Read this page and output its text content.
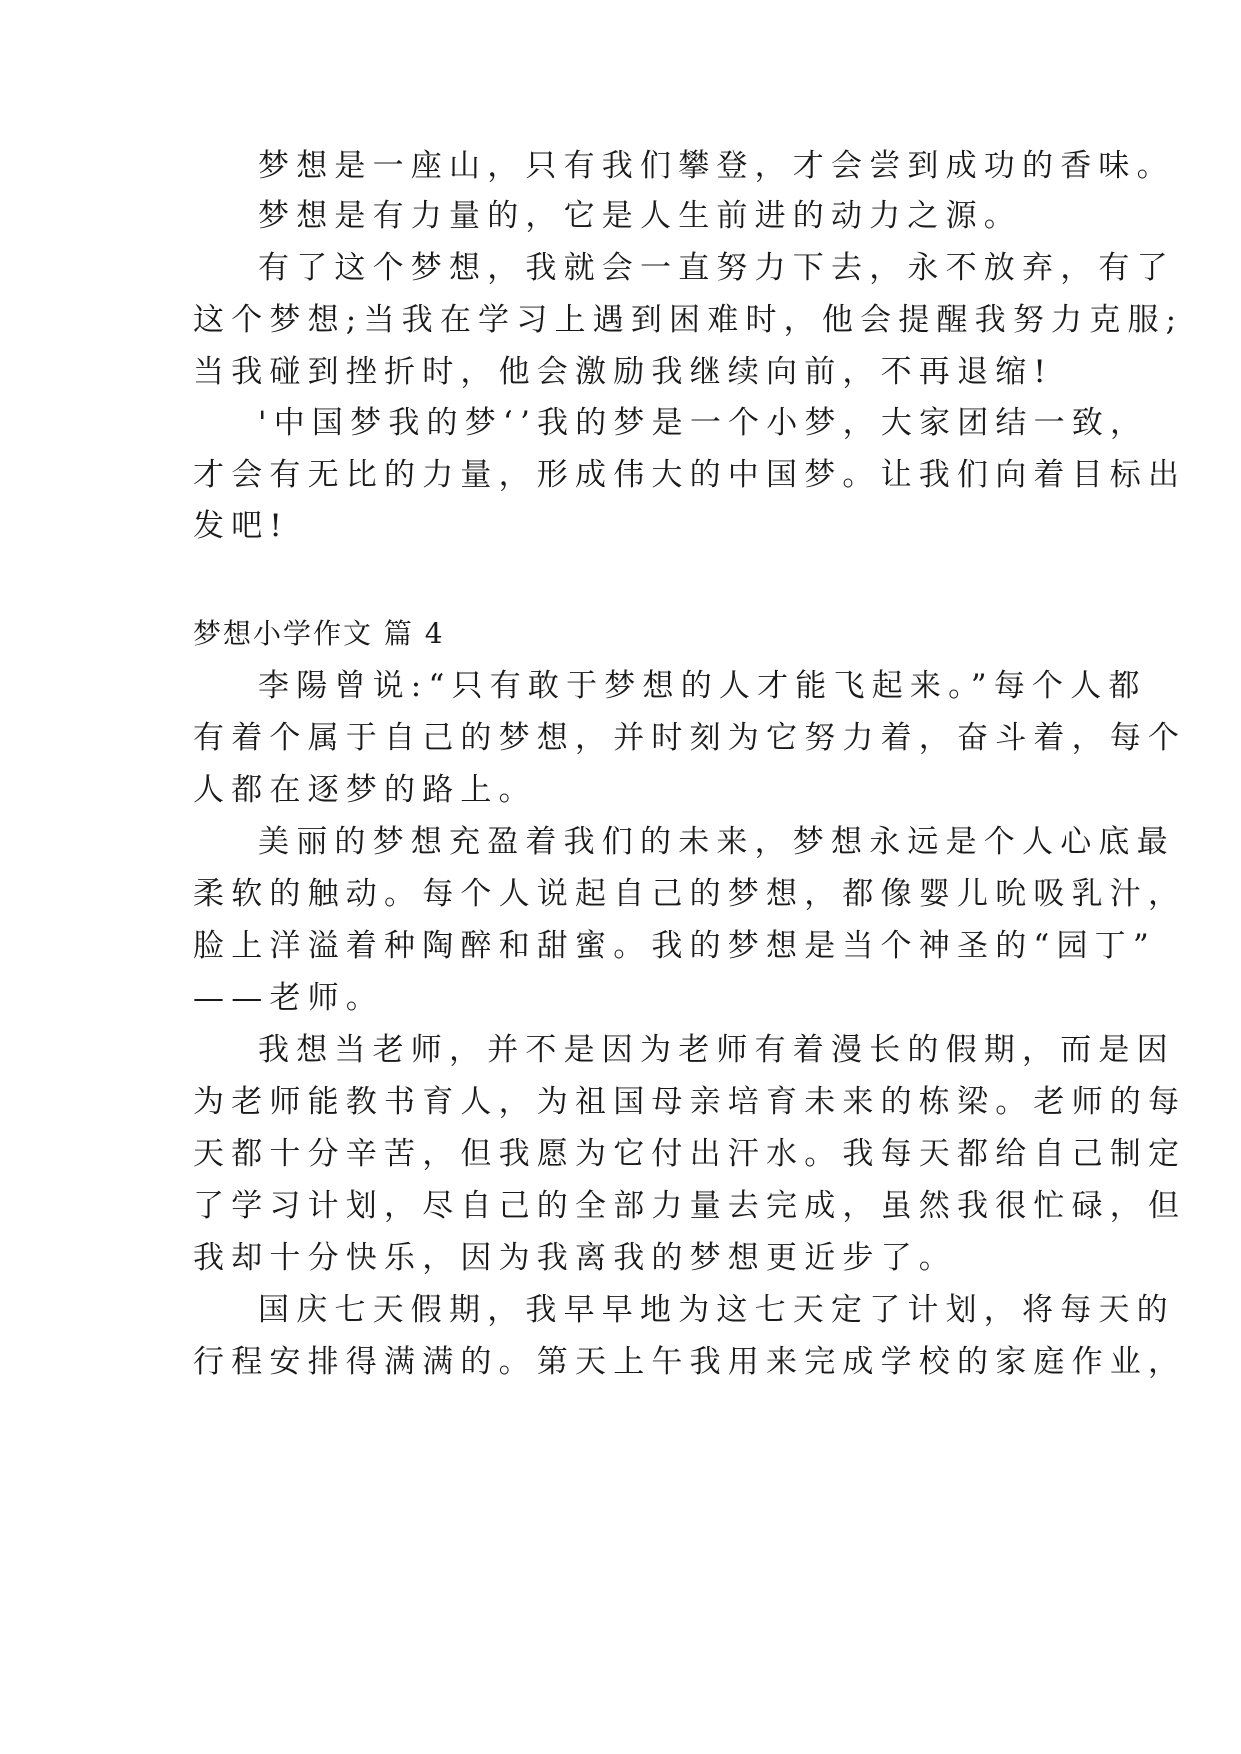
梦想是一座山，只有我们攀登，才会尝到成功的香味。
梦想是有力量的，它是人生前进的动力之源。
有了这个梦想，我就会一直努力下去，永不放弃，有了
这个梦想;当我在学习上遇到困难时，他会提醒我努力克服;
当我碰到挫折时，他会激励我继续向前，不再退缩!
'中国梦我的梦‘’我的梦是一个小梦，大家团结一致，
才会有无比的力量，形成伟大的中国梦。让我们向着目标出
发吧!
梦想小学作文 篇 4
李陽曾说:“只有敢于梦想的人才能飞起来。”每个人都
有着个属于自己的梦想，并时刻为它努力着，奋斗着，每个
人都在逐梦的路上。
美丽的梦想充盈着我们的未来，梦想永远是个人心底最
柔软的触动。每个人说起自己的梦想，都像婴儿吮吸乳汁，
脸上洋溢着种陶醉和甜蜜。我的梦想是当个神圣的“园丁”
——老师。
我想当老师，并不是因为老师有着漫长的假期，而是因
为老师能教书育人，为祖国母亲培育未来的栋梁。老师的每
天都十分辛苦，但我愿为它付出汗水。我每天都给自己制定
了学习计划，尽自己的全部力量去完成，虽然我很忙碌，但
我却十分快乐，因为我离我的梦想更近步了。
国庆七天假期，我早早地为这七天定了计划，将每天的
行程安排得满满的。第天上午我用来完成学校的家庭作业，
